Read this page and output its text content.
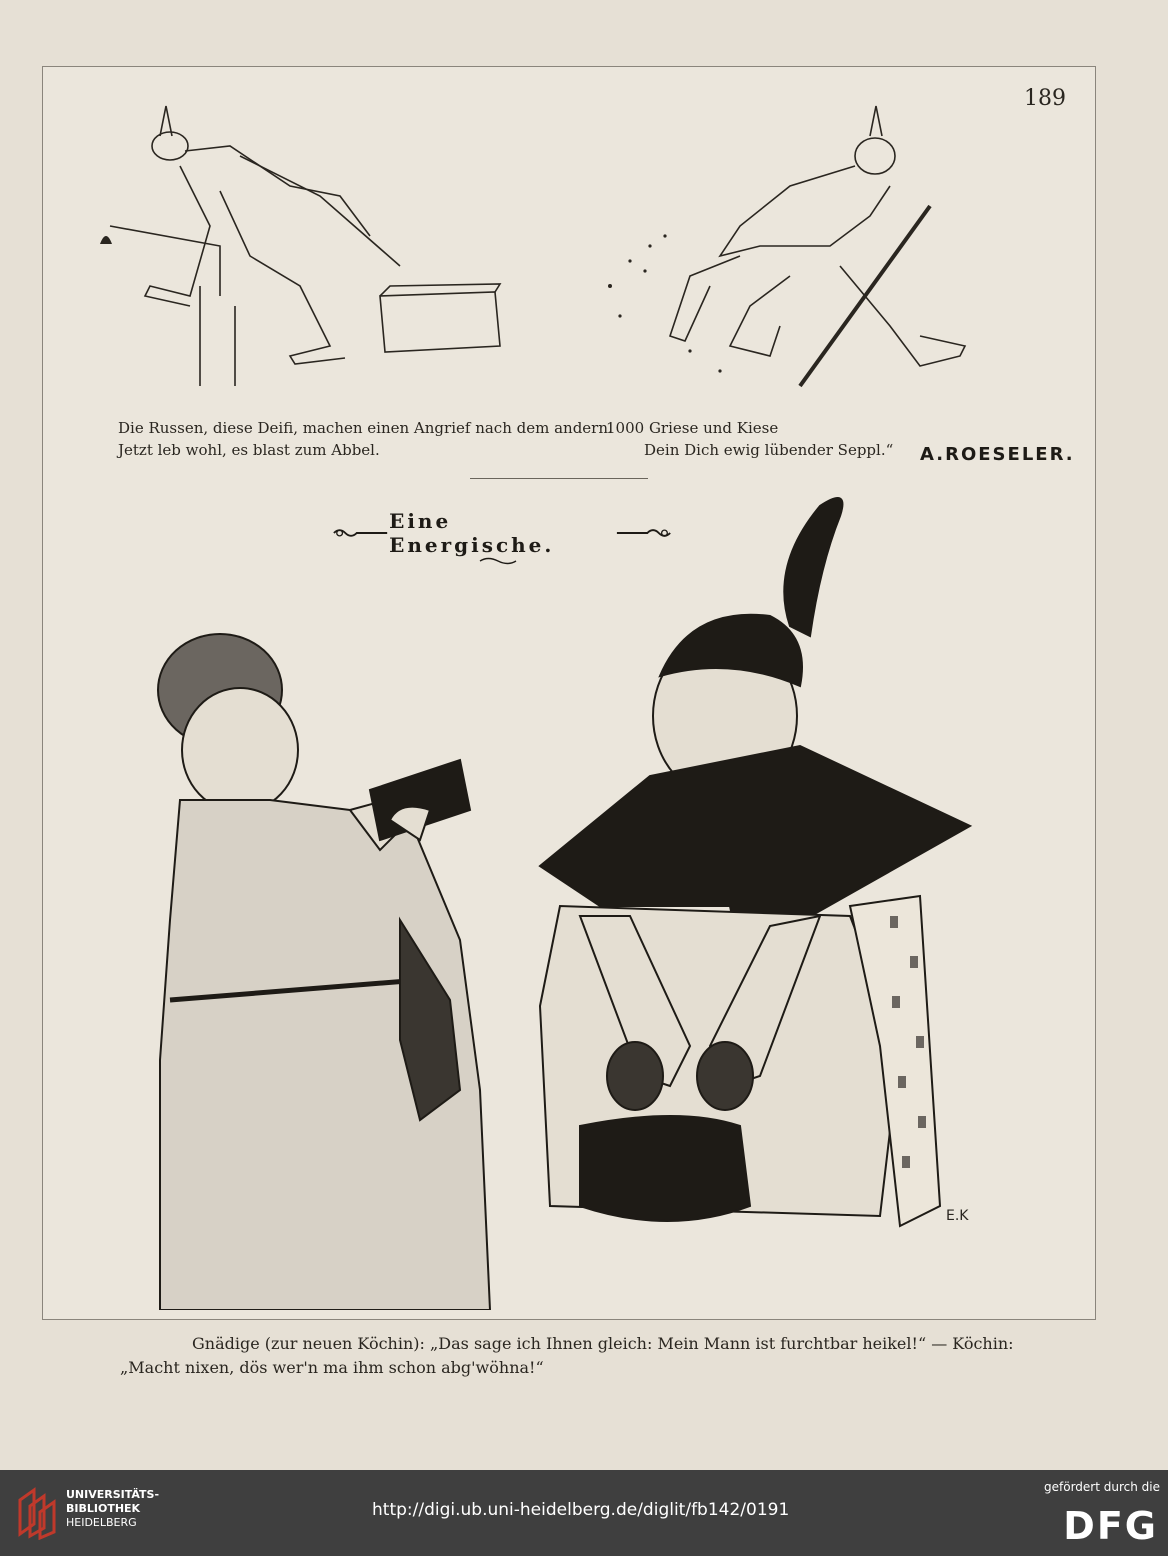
189
Die Russen, diese Deifi, machen einen Angrief nach dem andern.
Jetzt leb wohl, es blast zum Abbel.
1000 Griese und Kiese
Dein Dich ewig lübender Seppl.“ A.ROESELER.
Eine Energische.
E.K
Gnädige (zur neuen Köchin): „Das sage ich Ihnen gleich: Mein Mann ist furchtbar heikel!“ — Köchin:
„Macht nixen, dös wer'n ma ihm schon abg'wöhna!“
UNIVERSITÄTS-
BIBLIOTHEK
HEIDELBERG
http://digi.ub.uni-heidelberg.de/diglit/fb142/0191
gefördert durch die
DFG
